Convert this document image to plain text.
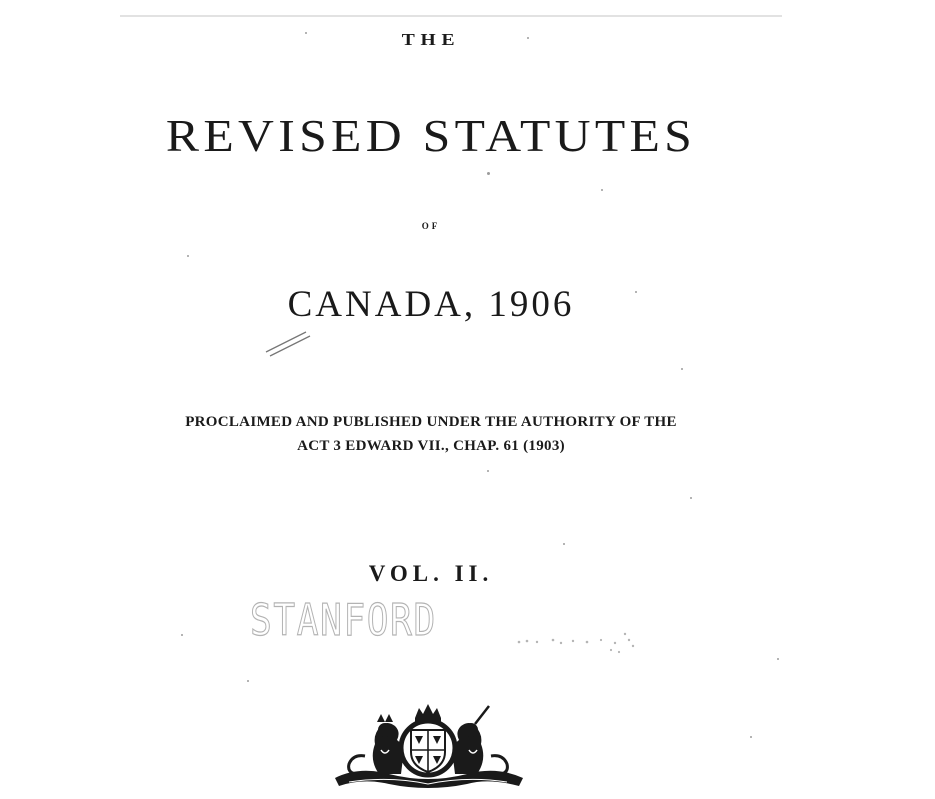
THE

REVISED STATUTES

OF

CANADA, 1906

PROCLAIMED AND PUBLISHED UNDER THE AUTHORITY OF THE

ACT 3 EDWARD VII., CHAP. 61 (1903)

VOL. II.

STANFORD
